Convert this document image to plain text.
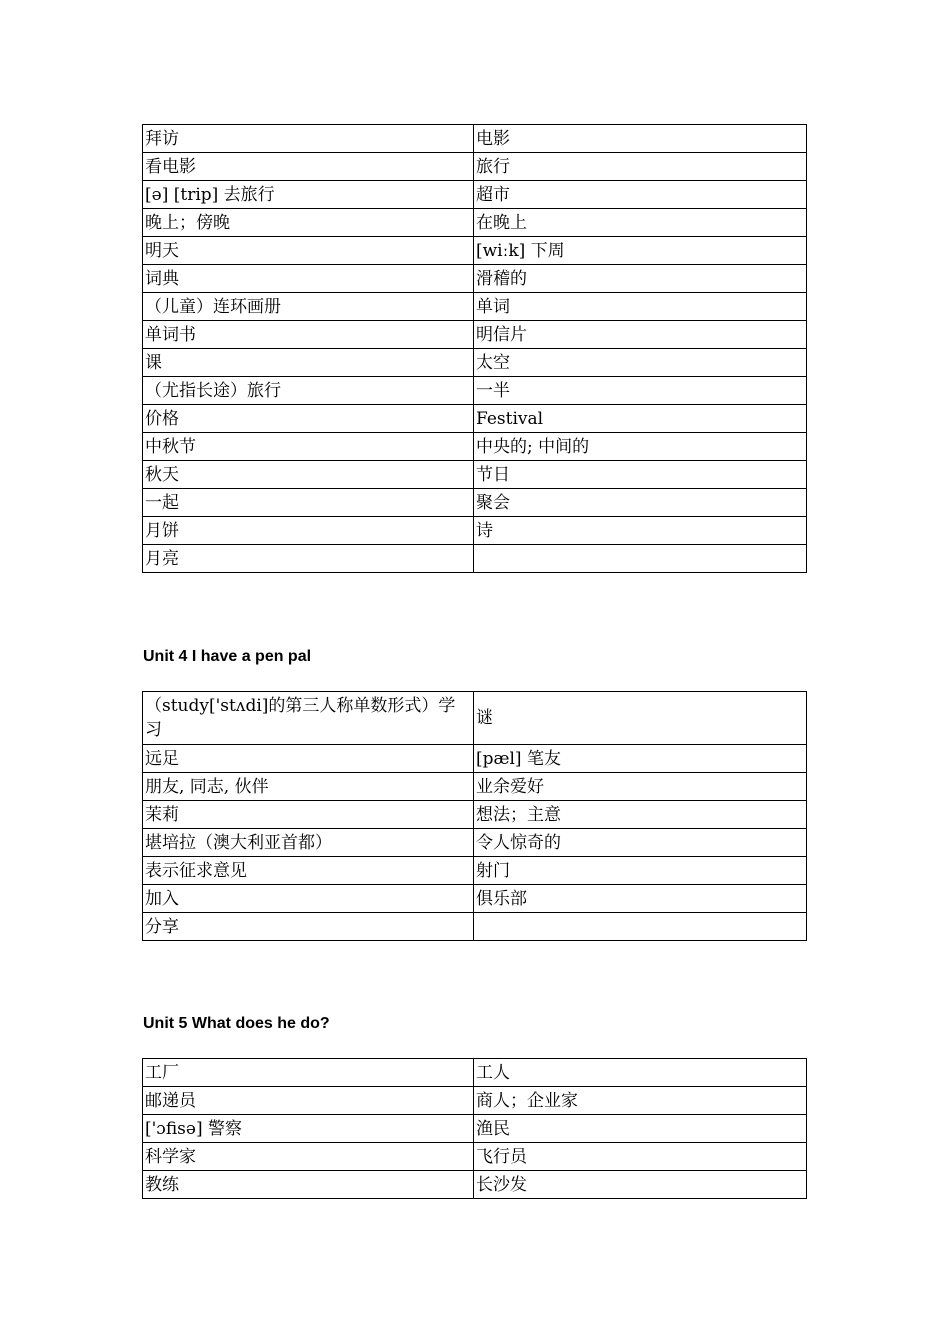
拜访	电影
看电影	旅行
[ə] [trip] 去旅行	超市
晚上；傍晚	在晚上
明天	[wiːk] 下周
词典	滑稽的
（儿童）连环画册	单词
单词书	明信片
课	太空
（尤指长途）旅行	一半
价格	Festival
中秋节	中央的; 中间的
秋天	节日
一起	聚会
月饼	诗
月亮	
Unit 4 I have a pen pal
（study['stʌdi]的第三人称单数形式）学习	谜
远足	[pæl] 笔友
朋友, 同志, 伙伴	业余爱好
茉莉	想法；主意
堪培拉（澳大利亚首都）	令人惊奇的
表示征求意见	射门
加入	俱乐部
分享	
Unit 5 What does he do?
工厂	工人
邮递员	商人；企业家
['ɔfisə] 警察	渔民
科学家	飞行员
教练	长沙发
